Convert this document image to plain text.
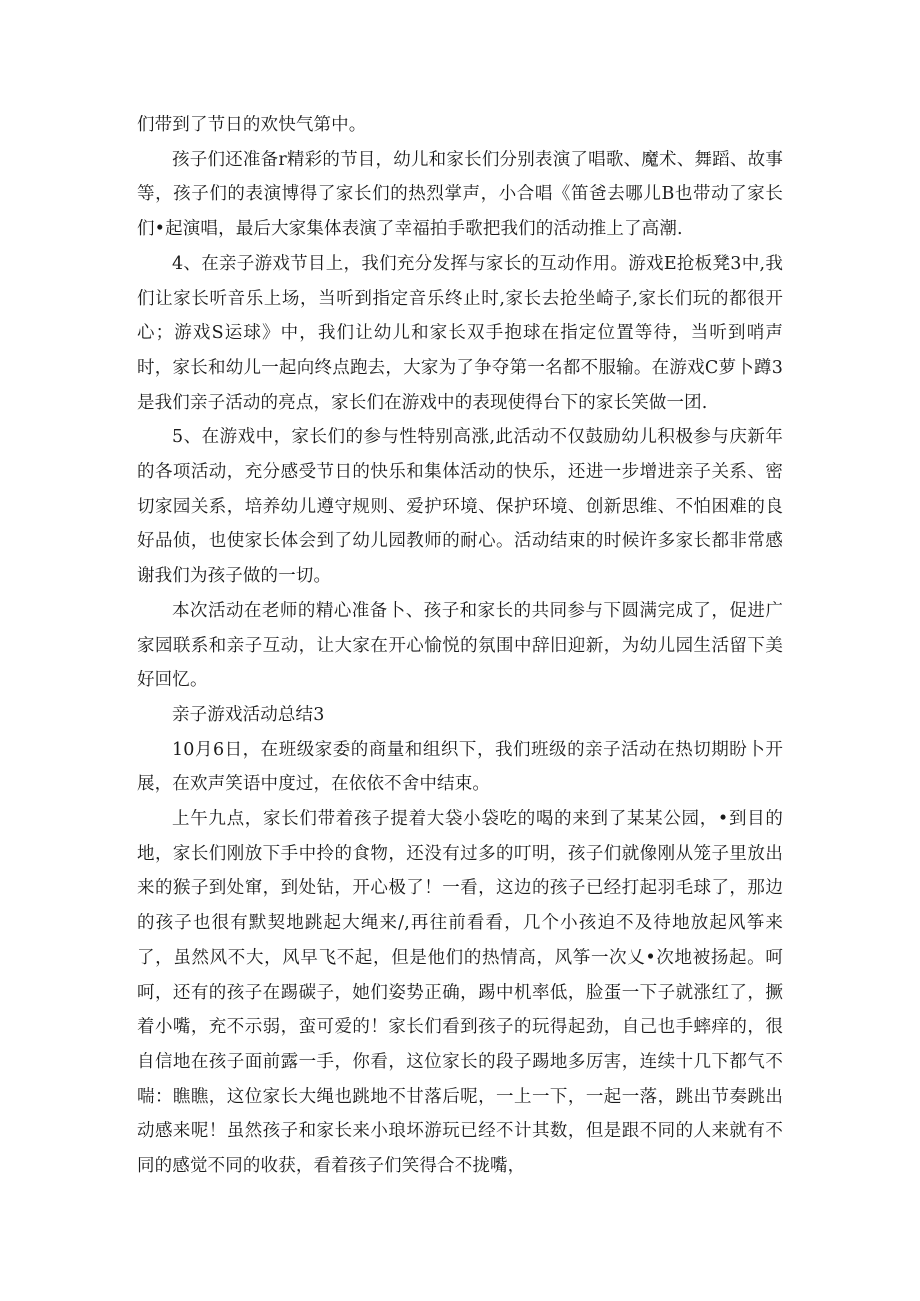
们带到了节日的欢快气第中。

孩子们还准备r精彩的节目，幼儿和家长们分别表演了唱歌、魔术、舞蹈、故事等，孩子们的表演博得了家长们的热烈掌声，小合唱《笛爸去哪儿B也带动了家长们•起演唱，最后大家集体表演了幸福拍手歌把我们的活动推上了高潮.

4、在亲子游戏节目上，我们充分发挥与家长的互动作用。游戏E抢板凳3中,我们让家长听音乐上场，当听到指定音乐终止时,家长去抢坐崎子,家长们玩的都很开心；游戏S运球》中，我们让幼儿和家长双手抱球在指定位置等待，当听到哨声时，家长和幼儿一起向终点跑去，大家为了争夺第一名都不服输。在游戏C萝卜蹲3是我们亲子活动的亮点，家长们在游戏中的表现使得台下的家长笑做一团.

5、在游戏中，家长们的参与性特别高涨,此活动不仅鼓励幼儿积极参与庆新年的各项活动，充分感受节日的快乐和集体活动的快乐，还进一步增进亲子关系、密切家园关系，培养幼儿遵守规则、爱护环境、保护环境、创新思维、不怕困难的良好品侦，也使家长体会到了幼儿园教师的耐心。活动结束的时候许多家长都非常感谢我们为孩子做的一切。

本次活动在老师的精心准备卜、孩子和家长的共同参与下圆满完成了，促进广家园联系和亲子互动，让大家在开心愉悦的氛围中辞旧迎新，为幼儿园生活留下美好回忆。

亲子游戏活动总结3

10月6日，在班级家委的商量和组织下，我们班级的亲子活动在热切期盼卜开展，在欢声笑语中度过，在依依不舍中结束。

上午九点，家长们带着孩子提着大袋小袋吃的喝的来到了某某公园，•到目的地，家长们刚放下手中拎的食物，还没有过多的叮明，孩子们就像刚从笼子里放出来的猴子到处窜，到处钻，开心极了！一看，这边的孩子已经打起羽毛球了，那边的孩子也很有默契地跳起大绳来/,再往前看看，几个小孩迫不及待地放起风筝来了，虽然风不大，风早飞不起，但是他们的热情高，风筝一次乂•次地被扬起。呵呵，还有的孩子在踢碳子，她们姿势正确，踢中机率低，脸蛋一下子就涨红了，撅着小嘴，充不示弱，蛮可爱的！家长们看到孩子的玩得起劲，自己也手蟀痒的，很自信地在孩子面前露一手，你看，这位家长的段子踢地多厉害，连续十几下都气不喘：瞧瞧，这位家长大绳也跳地不甘落后呢，一上一下，一起一落，跳出节奏跳出动感来呢！虽然孩子和家长来小琅坏游玩已经不计其数，但是跟不同的人来就有不同的感觉不同的收获，看着孩子们笑得合不拢嘴，
